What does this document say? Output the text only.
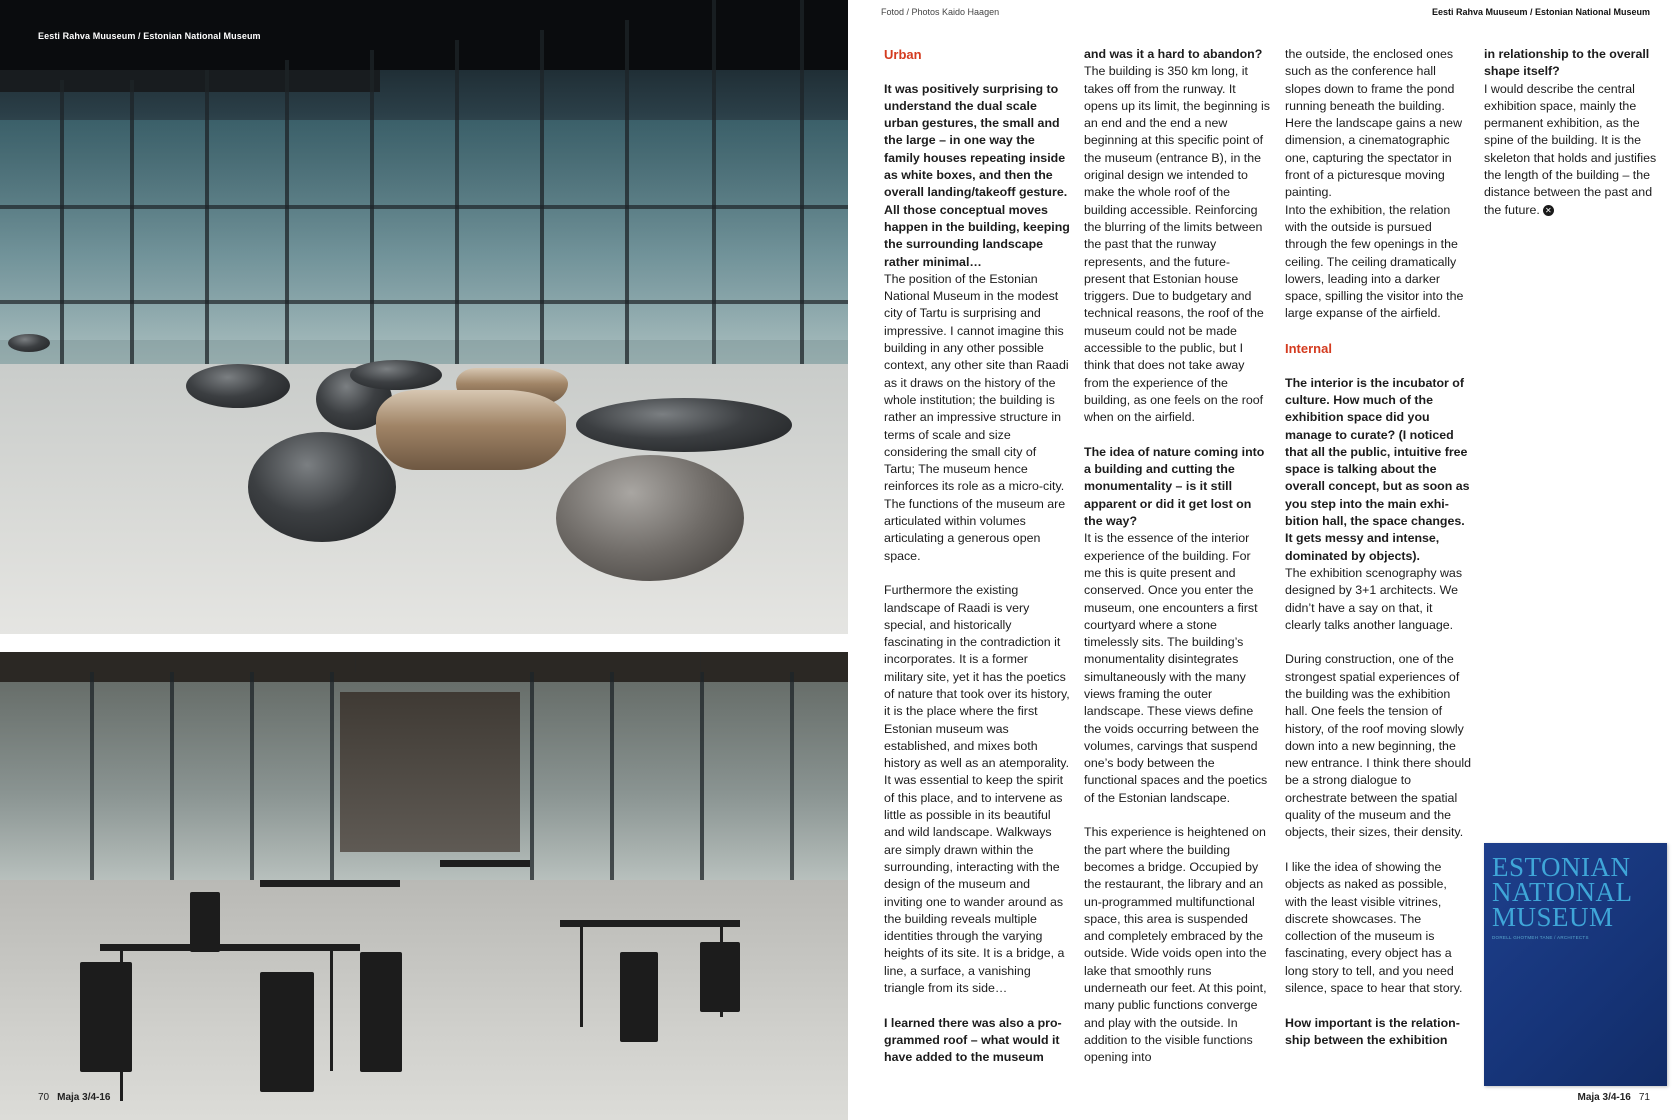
Eesti Rahva Muuseum / Estonian National Museum
70 Maja 3/4-16
Fotod / Photos Kaido Haagen	Eesti Rahva Muuseum / Estonian National Museum

Urban

It was positively surprising to understand the dual scale urban gestures, the small and the large – in one way the family houses repeating inside as white boxes, and then the overall landing/takeoff gesture. All those conceptual moves happen in the building, keeping the surrounding landscape rather minimal…

The position of the Estonian National Museum in the modest city of Tartu is surprising and impressive. I cannot imagine this building in any other possible context, any other site than Raadi as it draws on the history of the whole institution; the building is rather an impressive structure in terms of scale and size considering the small city of Tartu; The museum hence reinforces its role as a micro-city. The functions of the museum are articulated within volumes articulating a generous open space.

Furthermore the existing landscape of Raadi is very special, and historically fascinating in the contradiction it incorporates. It is a former military site, yet it has the poetics of nature that took over its history, it is the place where the first Estonian museum was established, and mixes both history as well as an atemporality. It was essential to keep the spirit of this place, and to intervene as little as possible in its beautiful and wild landscape. Walkways are simply drawn within the surrounding, interacting with the design of the museum and inviting one to wander around as the building reveals multiple identities through the varying heights of its site. It is a bridge, a line, a surface, a vanishing triangle from its side…

I learned there was also a programmed roof – what would it have added to the museum

and was it a hard to abandon?

The building is 350 km long, it takes off from the runway. It opens up its limit, the beginning is an end and the end a new beginning at this specific point of the museum (entrance B), in the original design we intended to make the whole roof of the building accessible. Reinforcing the blurring of the limits between the past that the runway represents, and the future-present that Estonian house triggers. Due to budgetary and technical reasons, the roof of the museum could not be made accessible to the public, but I think that does not take away from the experience of the building, as one feels on the roof when on the airfield.

The idea of nature coming into a building and cutting the monumentality – is it still apparent or did it get lost on the way?

It is the essence of the interior experience of the building. For me this is quite present and conserved. Once you enter the museum, one encounters a first courtyard where a stone timelessly sits. The building’s monumentality disintegrates simultaneously with the many views framing the outer landscape. These views define the voids occurring between the volumes, carvings that suspend one’s body between the functional spaces and the poetics of the Estonian landscape.

This experience is heightened on the part where the building becomes a bridge. Occupied by the restaurant, the library and an un-programmed multifunctional space, this area is suspended and completely embraced by the outside. Wide voids open into the lake that smoothly runs underneath our feet. At this point, many public functions converge and play with the outside. In addition to the visible functions opening into

the outside, the enclosed ones such as the conference hall slopes down to frame the pond running beneath the building. Here the landscape gains a new dimension, a cinematographic one, capturing the spectator in front of a picturesque moving painting.

Into the exhibition, the relation with the outside is pursued through the few openings in the ceiling. The ceiling dramatically lowers, leading into a darker space, spilling the visitor into the large expanse of the airfield.

Internal

The interior is the incubator of culture. How much of the exhibition space did you manage to curate? (I noticed that all the public, intuitive free space is talking about the overall concept, but as soon as you step into the main exhibition hall, the space changes. It gets messy and intense, dominated by objects).

The exhibition scenography was designed by 3+1 architects. We didn’t have a say on that, it clearly talks another language.

During construction, one of the strongest spatial experiences of the building was the exhibition hall. One feels the tension of history, of the roof moving slowly down into a new beginning, the new entrance. I think there should be a strong dialogue to orchestrate between the spatial quality of the museum and the objects, their sizes, their density.

I like the idea of showing the objects as naked as possible, with the least visible vitrines, discrete showcases. The collection of the museum is fascinating, every object has a long story to tell, and you need silence, space to hear that story.

How important is the relationship between the exhibition

in relationship to the overall shape itself?

I would describe the central exhibition space, mainly the permanent exhibition, as the spine of the building. It is the skeleton that holds and justifies the length of the building – the distance between the past and the future. ✕

ESTONIAN
NATIONAL
MUSEUM
DORELL GHOTMEH TANE / ARCHITECTS
Maja 3/4-16 71
